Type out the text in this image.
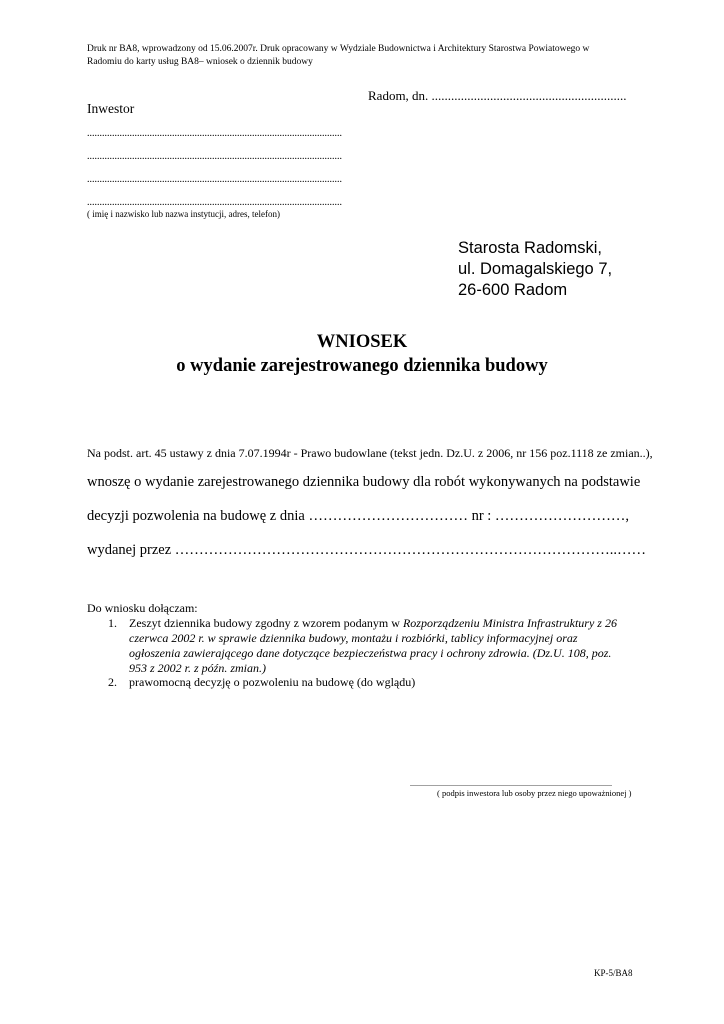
Druk nr BA8, wprowadzony od 15.06.2007r. Druk opracowany w Wydziale Budownictwa i Architektury Starostwa Powiatowego w
Radomiu do karty usług BA8– wniosek o dziennik budowy
Radom, dn. ............................................................
Inwestor
......................................................................................................
......................................................................................................
......................................................................................................
......................................................................................................
( imię i nazwisko lub nazwa instytucji, adres, telefon)
Starosta Radomski,
ul. Domagalskiego 7,
26-600 Radom
WNIOSEK
o wydanie zarejestrowanego dziennika budowy
Na podst. art. 45 ustawy z dnia 7.07.1994r - Prawo budowlane (tekst jedn. Dz.U. z 2006, nr 156 poz.1118 ze zmian..),
wnoszę o wydanie zarejestrowanego dziennika budowy dla robót wykonywanych na podstawie
decyzji pozwolenia na budowę z dnia …………………………… nr : ………………………,
wydanej przez ………………………………………………………………………………..……
Do wniosku dołączam:
1. Zeszyt dziennika budowy zgodny z wzorem podanym w Rozporządzeniu Ministra Infrastruktury z 26
czerwca 2002 r. w sprawie dziennika budowy, montażu i rozbiórki, tablicy informacyjnej oraz
ogłoszenia zawierającego dane dotyczące bezpieczeństwa pracy i ochrony zdrowia. (Dz.U. 108, poz.
953 z 2002 r. z późn. zmian.)
2. prawomocną decyzję o pozwoleniu na budowę (do wglądu)
.....................................................................................................
( podpis inwestora lub osoby przez niego upoważnionej )
KP-5/BA8
